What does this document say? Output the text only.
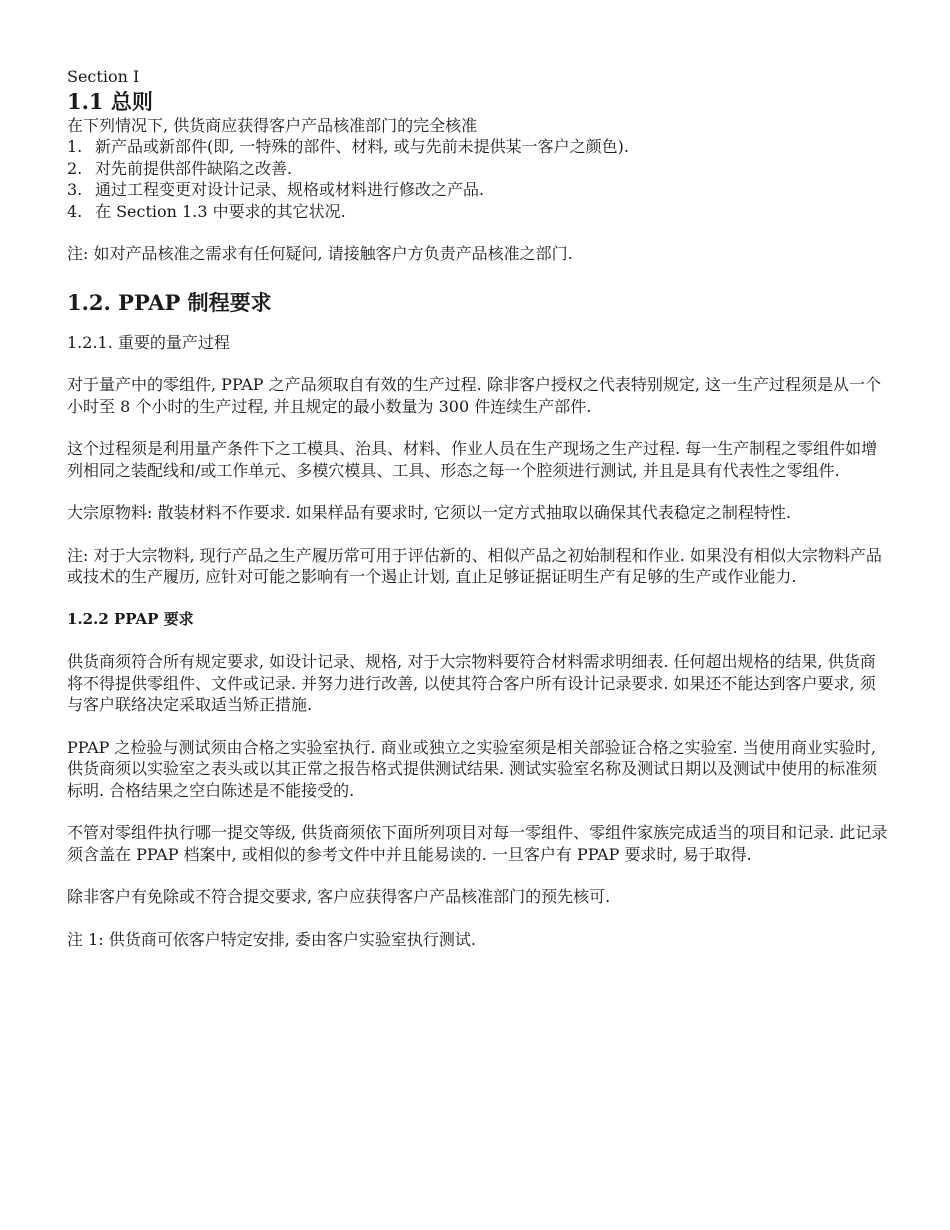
Section Ⅰ

1.1 总则

在下列情况下, 供货商应获得客户产品核准部门的完全核准

1. 新产品或新部件(即, 一特殊的部件、材料, 或与先前未提供某一客户之颜色).
2. 对先前提供部件缺陷之改善.
3. 通过工程变更对设计记录、规格或材料进行修改之产品.
4. 在 Section 1.3 中要求的其它状况.

注: 如对产品核准之需求有任何疑问, 请接触客户方负责产品核准之部门.

1.2. PPAP 制程要求

1.2.1. 重要的量产过程

对于量产中的零组件, PPAP 之产品须取自有效的生产过程. 除非客户授权之代表特别规定, 这一生产过程须是从一个小时至 8 个小时的生产过程, 并且规定的最小数量为 300 件连续生产部件.

这个过程须是利用量产条件下之工模具、治具、材料、作业人员在生产现场之生产过程. 每一生产制程之零组件如增列相同之装配线和/或工作单元、多模穴模具、工具、形态之每一个腔须进行测试, 并且是具有代表性之零组件.

大宗原物料: 散装材料不作要求. 如果样品有要求时, 它须以一定方式抽取以确保其代表稳定之制程特性.

注: 对于大宗物料, 现行产品之生产履历常可用于评估新的、相似产品之初始制程和作业. 如果没有相似大宗物料产品或技术的生产履历, 应针对可能之影响有一个遏止计划, 直止足够证据证明生产有足够的生产或作业能力.

1.2.2 PPAP 要求

供货商须符合所有规定要求, 如设计记录、规格, 对于大宗物料要符合材料需求明细表. 任何超出规格的结果, 供货商将不得提供零组件、文件或记录. 并努力进行改善, 以使其符合客户所有设计记录要求. 如果还不能达到客户要求, 须与客户联络决定采取适当矫正措施.

PPAP 之检验与测试须由合格之实验室执行. 商业或独立之实验室须是相关部验证合格之实验室. 当使用商业实验时, 供货商须以实验室之表头或以其正常之报告格式提供测试结果. 测试实验室名称及测试日期以及测试中使用的标准须标明. 合格结果之空白陈述是不能接受的.

不管对零组件执行哪一提交等级, 供货商须依下面所列项目对每一零组件、零组件家族完成适当的项目和记录. 此记录须含盖在 PPAP 档案中, 或相似的参考文件中并且能易读的. 一旦客户有 PPAP 要求时, 易于取得.

除非客户有免除或不符合提交要求, 客户应获得客户产品核准部门的预先核可.

注 1: 供货商可依客户特定安排, 委由客户实验室执行测试.
